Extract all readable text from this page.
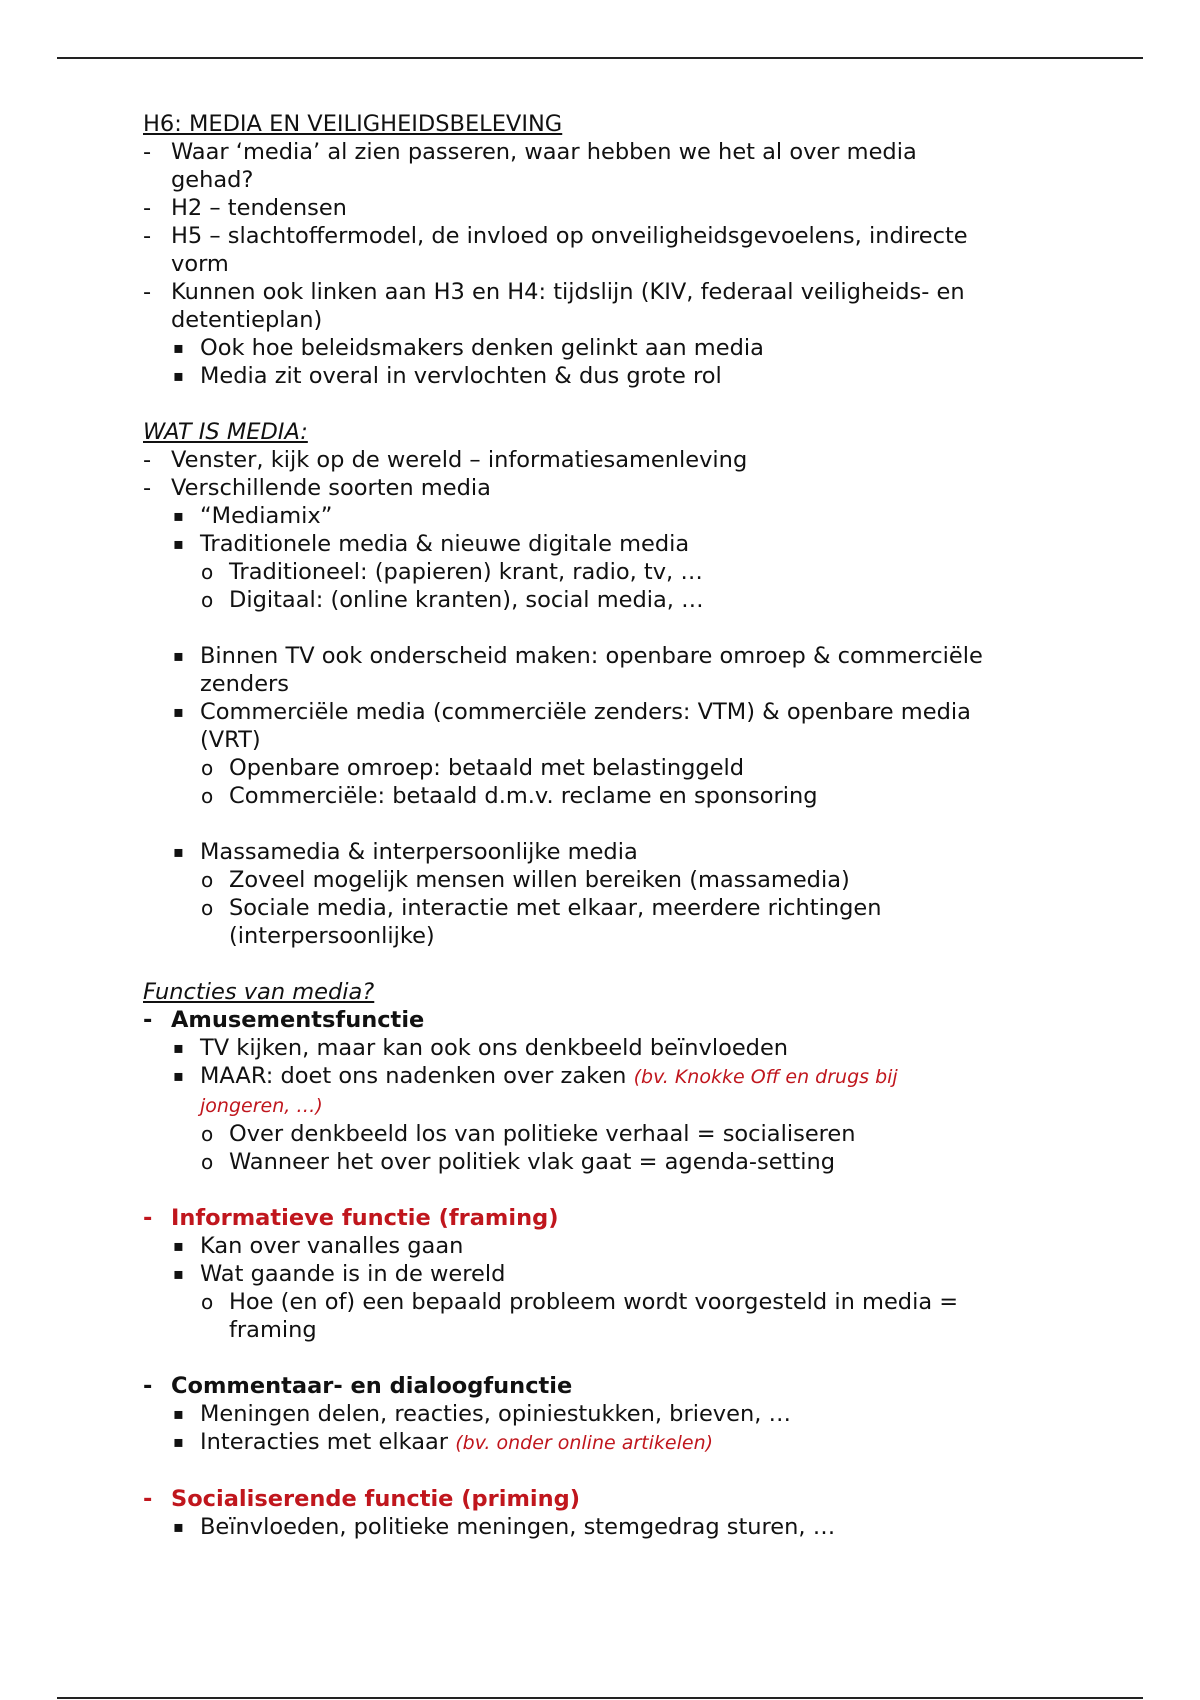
H6: MEDIA EN VEILIGHEIDSBELEVING
- Waar ‘media’ al zien passeren, waar hebben we het al over media
gehad?
- H2 – tendensen
- H5 – slachtoffermodel, de invloed op onveiligheidsgevoelens, indirecte
vorm
- Kunnen ook linken aan H3 en H4: tijdslijn (KIV, federaal veiligheids- en
detentieplan)
▪ Ook hoe beleidsmakers denken gelinkt aan media
▪ Media zit overal in vervlochten & dus grote rol
WAT IS MEDIA:
- Venster, kijk op de wereld – informatiesamenleving
- Verschillende soorten media
▪ “Mediamix”
▪ Traditionele media & nieuwe digitale media
o Traditioneel: (papieren) krant, radio, tv, …
o Digitaal: (online kranten), social media, …
▪ Binnen TV ook onderscheid maken: openbare omroep & commerciële
zenders
▪ Commerciële media (commerciële zenders: VTM) & openbare media
(VRT)
o Openbare omroep: betaald met belastinggeld
o Commerciële: betaald d.m.v. reclame en sponsoring
▪ Massamedia & interpersoonlijke media
o Zoveel mogelijk mensen willen bereiken (massamedia)
o Sociale media, interactie met elkaar, meerdere richtingen
(interpersoonlijke)
Functies van media?
- Amusementsfunctie
▪ TV kijken, maar kan ook ons denkbeeld beïnvloeden
▪ MAAR: doet ons nadenken over zaken (bv. Knokke Off en drugs bij
jongeren, …)
o Over denkbeeld los van politieke verhaal = socialiseren
o Wanneer het over politiek vlak gaat = agenda-setting
- Informatieve functie (framing)
▪ Kan over vanalles gaan
▪ Wat gaande is in de wereld
o Hoe (en of) een bepaald probleem wordt voorgesteld in media =
framing
- Commentaar- en dialoogfunctie
▪ Meningen delen, reacties, opiniestukken, brieven, …
▪ Interacties met elkaar (bv. onder online artikelen)
- Socialiserende functie (priming)
▪ Beïnvloeden, politieke meningen, stemgedrag sturen, …
